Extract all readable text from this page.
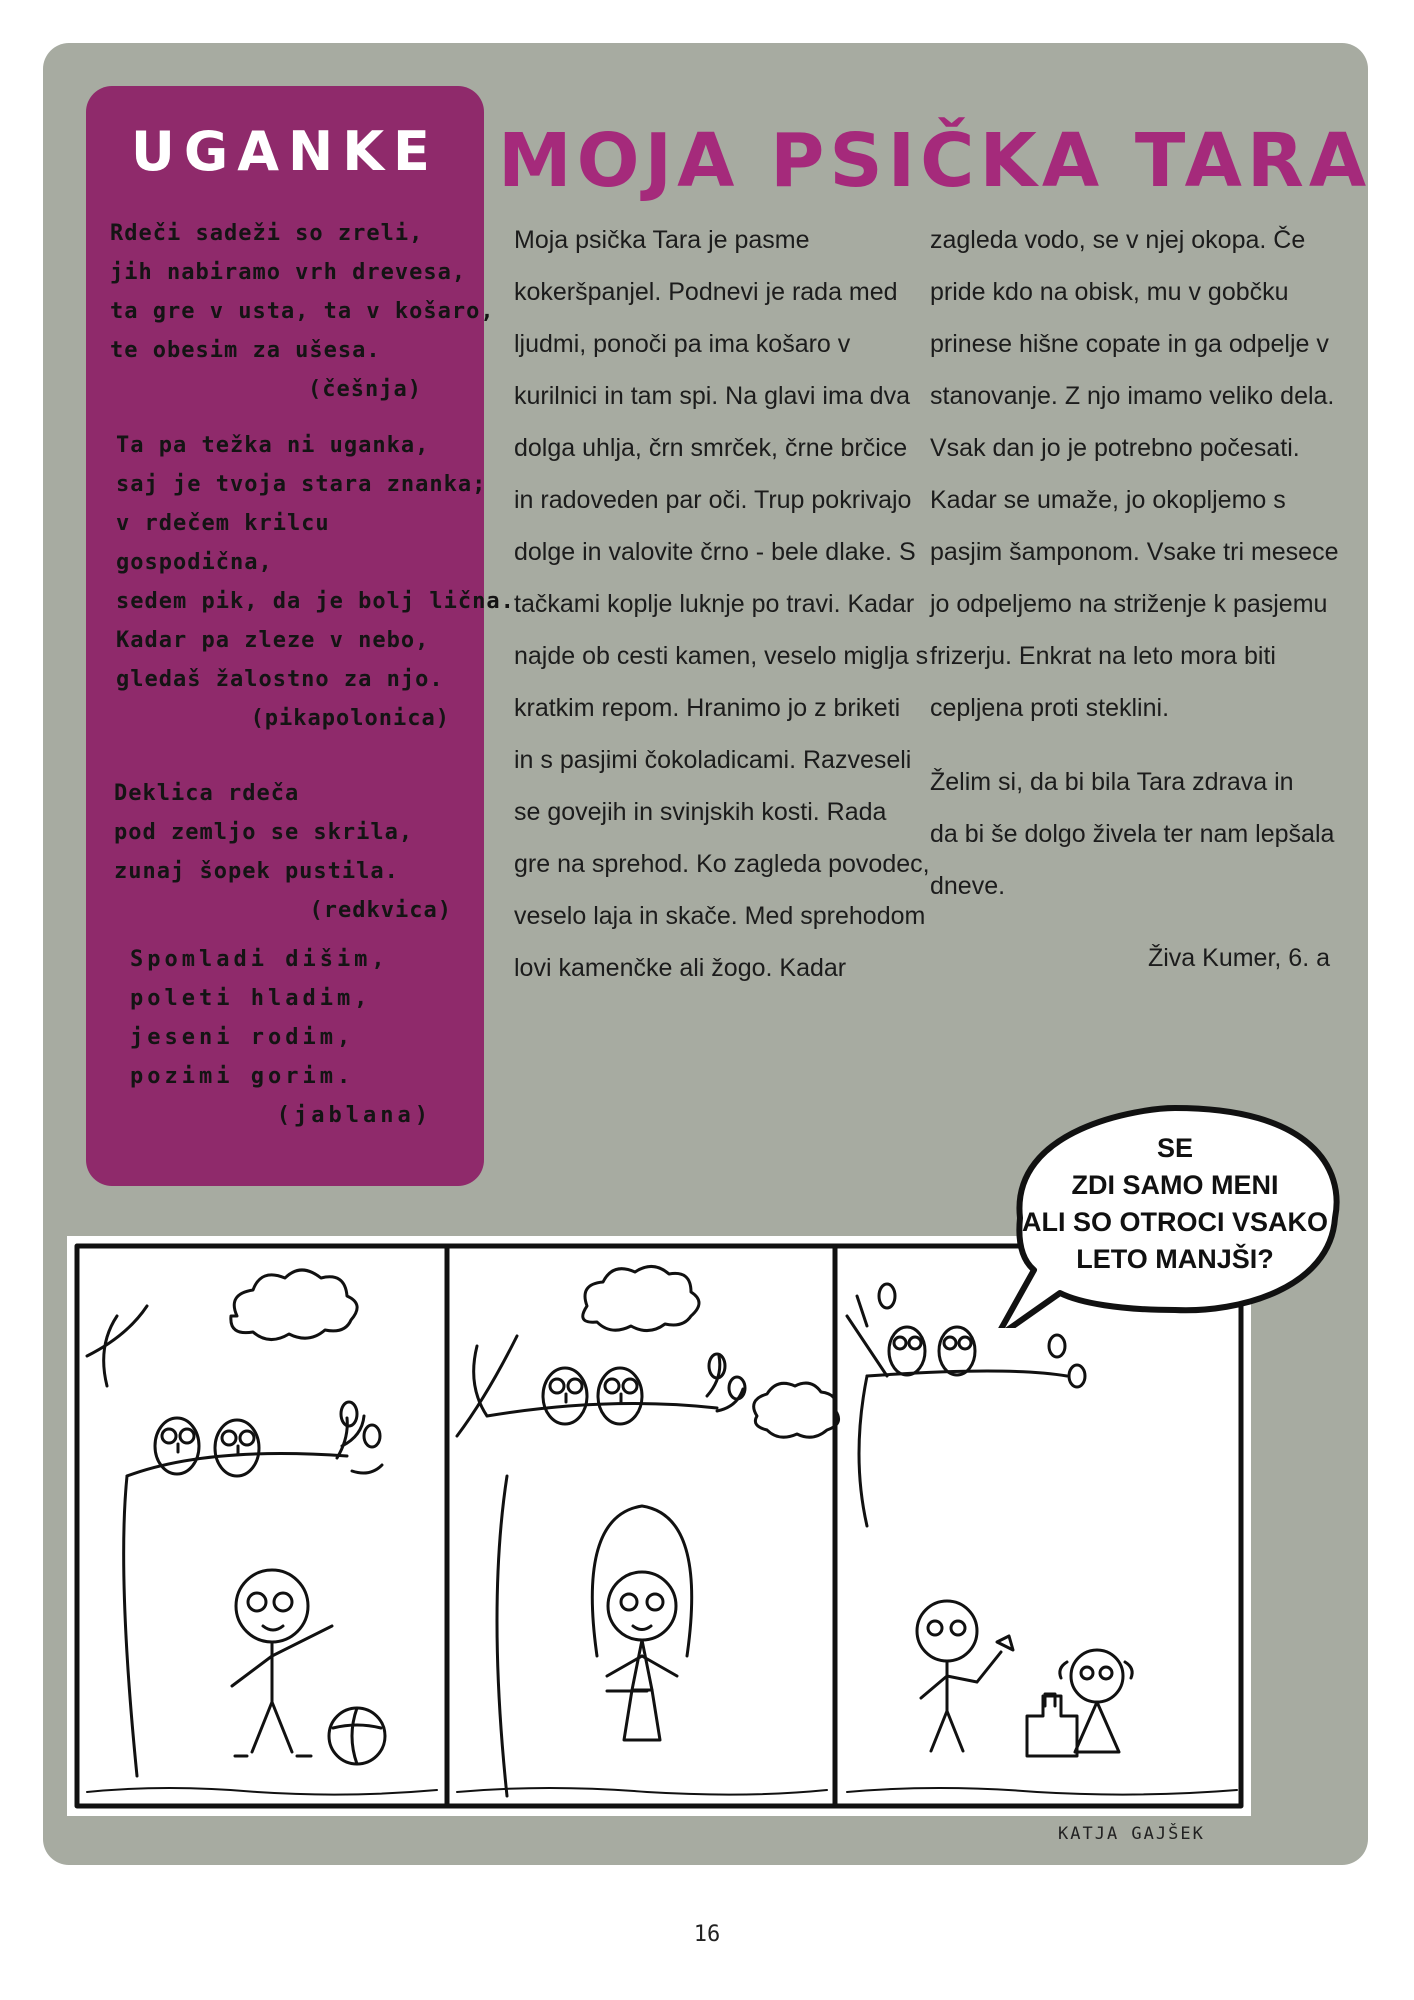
UGANKE
Rdeči sadeži so zreli,
jih nabiramo vrh drevesa,
ta gre v usta, ta v košaro,
te obesim za ušesa.
(češnja)
Ta pa težka ni uganka,
saj je tvoja stara znanka;
v rdečem krilcu
gospodična,
sedem pik, da je bolj lična.
Kadar pa zleze v nebo,
gledaš žalostno za njo.
(pikapolonica)
Deklica rdeča
pod zemljo se skrila,
zunaj šopek pustila.
(redkvica)
Spomladi dišim,
poleti hladim,
jeseni rodim,
pozimi gorim.
(jablana)
MOJA PSIČKA TARA
Moja psička Tara je pasme
kokeršpanjel. Podnevi je rada med
ljudmi, ponoči pa ima košaro v
kurilnici in tam spi. Na glavi ima dva
dolga uhlja, črn smrček, črne brčice
in radoveden par oči. Trup pokrivajo
dolge in valovite črno - bele dlake. S
tačkami koplje luknje po travi. Kadar
najde ob cesti kamen, veselo miglja s
kratkim repom. Hranimo jo z briketi
in s pasjimi čokoladicami. Razveseli
se govejih in svinjskih kosti. Rada
gre na sprehod. Ko zagleda povodec,
veselo laja in skače. Med sprehodom
lovi kamenčke ali žogo. Kadar
zagleda vodo, se v njej okopa. Če
pride kdo na obisk, mu v gobčku
prinese hišne copate in ga odpelje v
stanovanje. Z njo imamo veliko dela.
Vsak dan jo je potrebno počesati.
Kadar se umaže, jo okopljemo s
pasjim šamponom. Vsake tri mesece
jo odpeljemo na striženje k pasjemu
frizerju. Enkrat na leto mora biti
cepljena proti steklini.
Želim si, da bi bila Tara zdrava in
da bi še dolgo živela ter nam lepšala
dneve.
Živa Kumer, 6. a
SE
ZDI SAMO MENI
ALI SO OTROCI VSAKO
LETO MANJŠI?
KATJA GAJŠEK
16
